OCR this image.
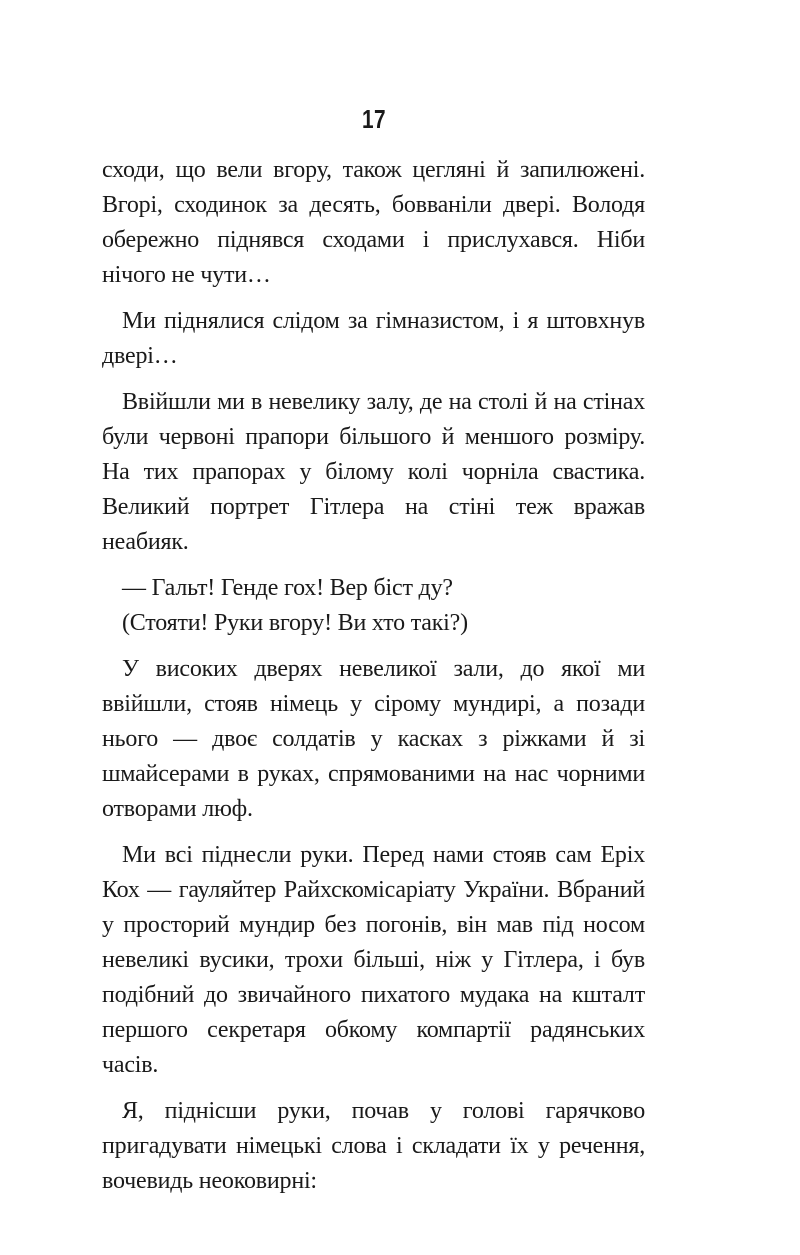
17

сходи, що вели вгору, також цегляні й запилюжені. Вгорі, сходинок за десять, бовваніли двері. Володя обережно піднявся сходами і прислухався. Ніби нічого не чути…

Ми піднялися слідом за гімназистом, і я штовхнув двері…

Ввійшли ми в невелику залу, де на столі й на стінах були червоні прапори більшого й меншого розміру. На тих прапорах у білому колі чорніла свастика. Великий портрет Гітлера на стіні теж вражав неабияк.

— Гальт! Генде гох! Вер біст ду?

(Стояти! Руки вгору! Ви хто такі?)

У високих дверях невеликої зали, до якої ми ввійшли, стояв німець у сірому мундирі, а позади нього — двоє солдатів у касках з ріжками й зі шмайсерами в руках, спрямованими на нас чорними отворами люф.

Ми всі піднесли руки. Перед нами стояв сам Еріх Кох — гауляйтер Райхскомісаріату України. Вбраний у просторий мундир без погонів, він мав під носом невеликі вусики, трохи більші, ніж у Гітлера, і був подібний до звичайного пихатого мудака на кшталт першого секретаря обкому компартії радянських часів.

Я, піднісши руки, почав у голові гарячково пригадувати німецькі слова і складати їх у речення, вочевидь неоковирні:
